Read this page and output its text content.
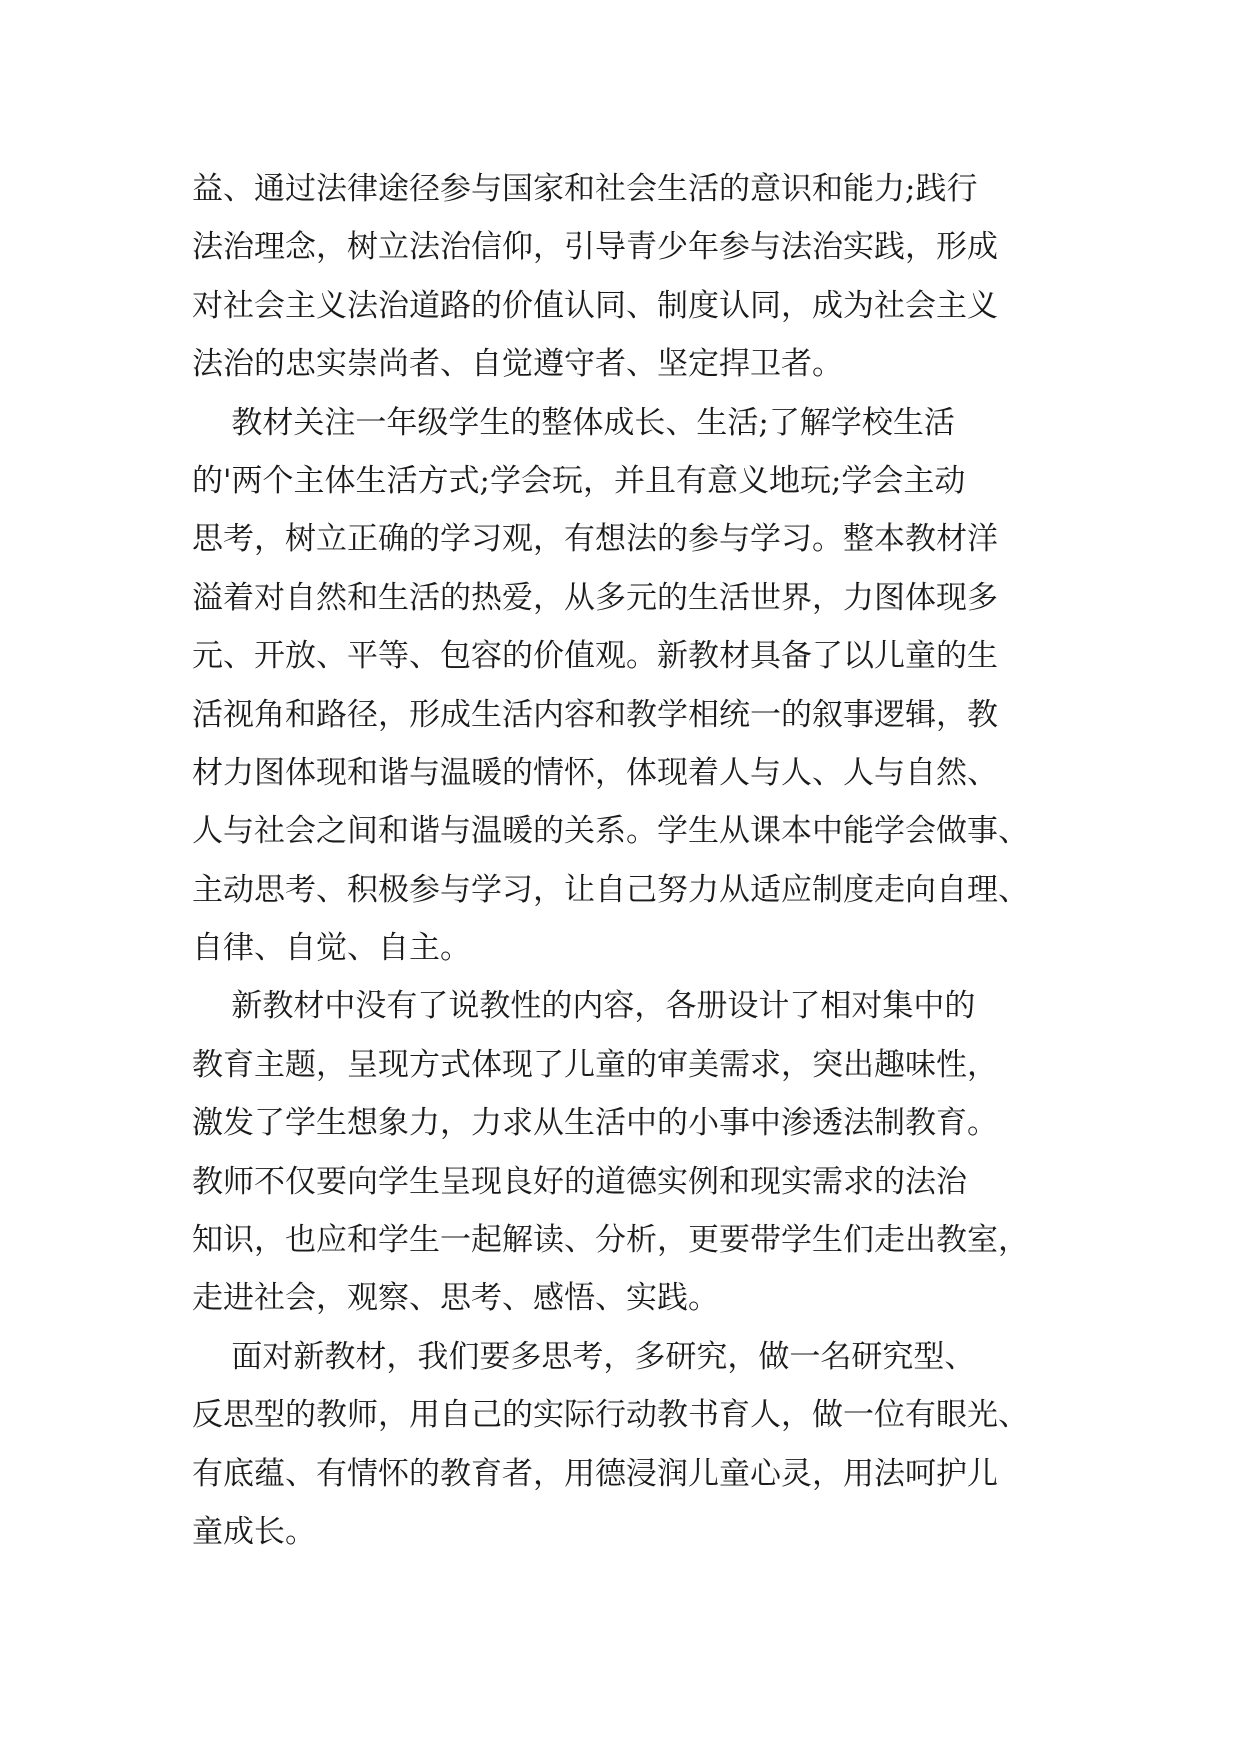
益、通过法律途径参与国家和社会生活的意识和能力;践行
法治理念，树立法治信仰，引导青少年参与法治实践，形成
对社会主义法治道路的价值认同、制度认同，成为社会主义
法治的忠实崇尚者、自觉遵守者、坚定捍卫者。
教材关注一年级学生的整体成长、生活;了解学校生活
的'两个主体生活方式;学会玩，并且有意义地玩;学会主动
思考，树立正确的学习观，有想法的参与学习。整本教材洋
溢着对自然和生活的热爱，从多元的生活世界，力图体现多
元、开放、平等、包容的价值观。新教材具备了以儿童的生
活视角和路径，形成生活内容和教学相统一的叙事逻辑，教
材力图体现和谐与温暖的情怀，体现着人与人、人与自然、
人与社会之间和谐与温暖的关系。学生从课本中能学会做事、
主动思考、积极参与学习，让自己努力从适应制度走向自理、
自律、自觉、自主。
新教材中没有了说教性的内容，各册设计了相对集中的
教育主题，呈现方式体现了儿童的审美需求，突出趣味性，
激发了学生想象力，力求从生活中的小事中渗透法制教育。
教师不仅要向学生呈现良好的道德实例和现实需求的法治
知识，也应和学生一起解读、分析，更要带学生们走出教室，
走进社会，观察、思考、感悟、实践。
面对新教材，我们要多思考，多研究，做一名研究型、
反思型的教师，用自己的实际行动教书育人，做一位有眼光、
有底蕴、有情怀的教育者，用德浸润儿童心灵，用法呵护儿
童成长。
